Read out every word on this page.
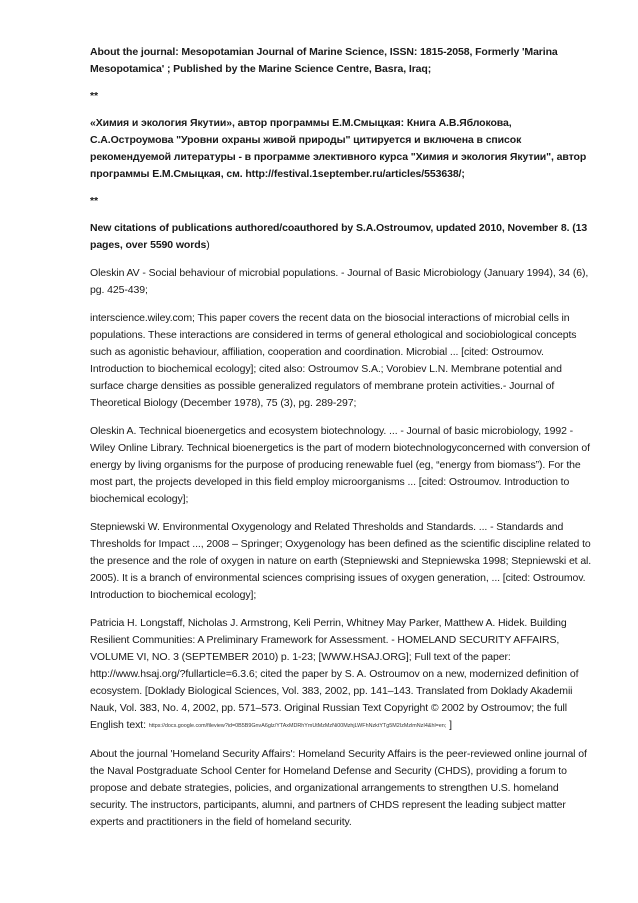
About the journal: Mesopotamian Journal of Marine Science, ISSN: 1815-2058, Formerly 'Marina Mesopotamica' ; Published by the Marine Science Centre, Basra, Iraq;

**

«Химия и экология Якутии», автор программы Е.М.Смыцкая: Книга А.В.Яблокова, С.А.Остроумова "Уровни охраны живой природы" цитируется и включена в список рекомендуемой литературы - в программе элективного курса "Химия и экология Якутии", автор программы Е.М.Смыцкая, см. http://festival.1september.ru/articles/553638/;

**

New citations of publications authored/coauthored by S.A.Ostroumov, updated 2010, November 8. (13 pages, over 5590 words)

Oleskin AV - Social behaviour of microbial populations. - Journal of Basic Microbiology (January 1994), 34 (6), pg. 425-439;

interscience.wiley.com; This paper covers the recent data on the biosocial interactions of microbial cells in populations. These interactions are considered in terms of general ethological and sociobiological concepts such as agonistic behaviour, affiliation, cooperation and coordination. Microbial ... [cited: Ostroumov. Introduction to biochemical ecology]; cited also: Ostroumov S.A.; Vorobiev L.N. Membrane potential and surface charge densities as possible generalized regulators of membrane protein activities.- Journal of Theoretical Biology (December 1978), 75 (3), pg. 289-297;

Oleskin A. Technical bioenergetics and ecosystem biotechnology. ... - Journal of basic microbiology, 1992 - Wiley Online Library. Technical bioenergetics is the part of modern biotechnologyconcerned with conversion of energy by living organisms for the purpose of producing renewable fuel (eg, “energy from biomass”). For the most part, the projects developed in this field employ microorganisms ... [cited: Ostroumov. Introduction to biochemical ecology];

Stepniewski W. Environmental Oxygenology and Related Thresholds and Standards. ... - Standards and Thresholds for Impact ..., 2008 – Springer; Oxygenology has been defined as the scientific discipline related to the presence and the role of oxygen in nature on earth (Stepniewski and Stepniewska 1998; Stepniewski et al. 2005). It is a branch of environmental sciences comprising issues of oxygen generation, ... [cited: Ostroumov. Introduction to biochemical ecology];

Patricia H. Longstaff, Nicholas J. Armstrong, Keli Perrin, Whitney May Parker, Matthew A. Hidek. Building Resilient Communities: A Preliminary Framework for Assessment. - HOMELAND SECURITY AFFAIRS, VOLUME VI, NO. 3 (SEPTEMBER 2010) p. 1-23; [WWW.HSAJ.ORG]; Full text of the paper: http://www.hsaj.org/?fullarticle=6.3.6; cited the paper by S. A. Ostroumov on a new, modernized definition of ecosystem. [Doklady Biological Sciences, Vol. 383, 2002, pp. 141–143. Translated from Doklady Akademii Nauk, Vol. 383, No. 4, 2002, pp. 571–573. Original Russian Text Copyright © 2002 by Ostroumov; the full English text: https://docs.google.com/fileview?id=0B5B9GnvA6glz/YTAxMDRhYmUtMzMzNi00MzhjLWFhNzktYTg5M2IzMzlmNzI4&hl=en; ]

About the journal 'Homeland Security Affairs': Homeland Security Affairs is the peer-reviewed online journal of the Naval Postgraduate School Center for Homeland Defense and Security (CHDS), providing a forum to propose and debate strategies, policies, and organizational arrangements to strengthen U.S. homeland security. The instructors, participants, alumni, and partners of CHDS represent the leading subject matter experts and practitioners in the field of homeland security.
